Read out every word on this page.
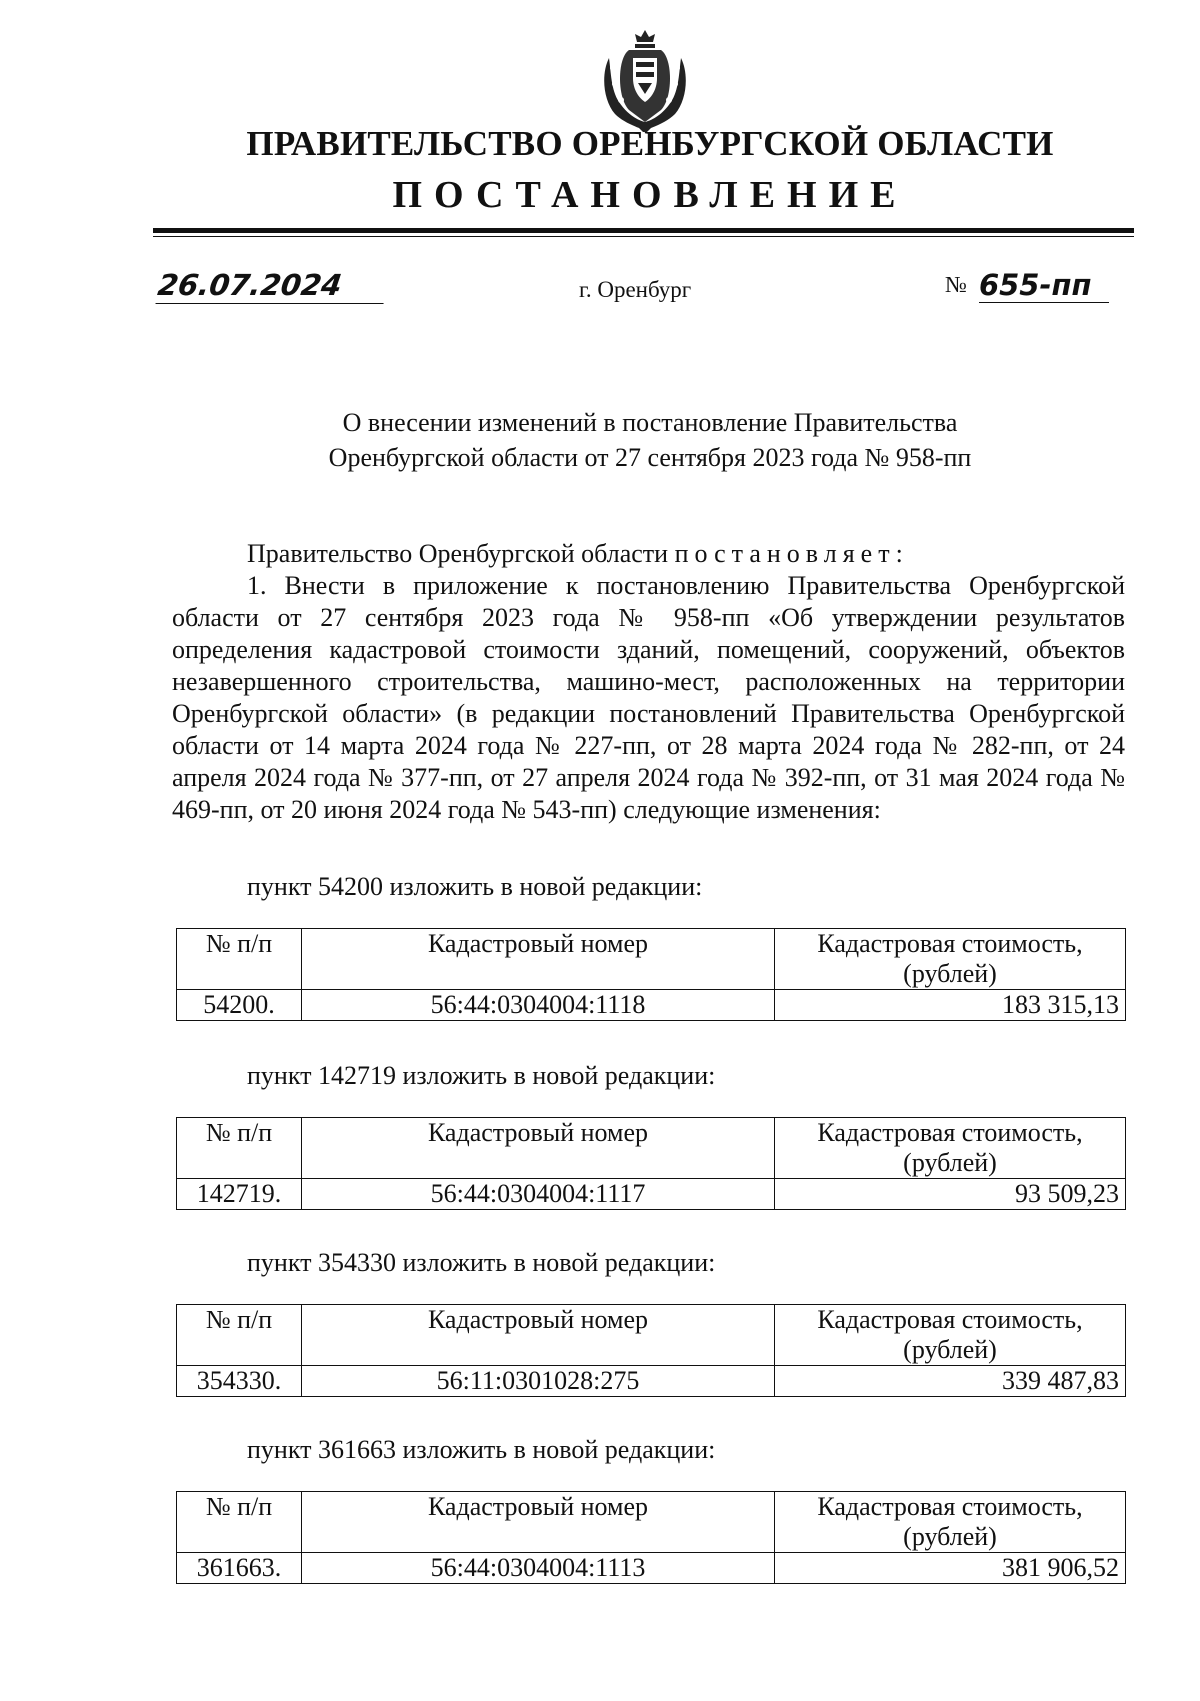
ПРАВИТЕЛЬСТВО ОРЕНБУРГСКОЙ ОБЛАСТИ
ПОСТАНОВЛЕНИЕ
26.07.2024	г. Оренбург	№ 655-пп
О внесении изменений в постановление Правительства
Оренбургской области от 27 сентября 2023 года № 958-пп
Правительство Оренбургской области постановляет:
1. Внести в приложение к постановлению Правительства Оренбургской области от 27 сентября 2023 года № 958-пп «Об утверждении результатов определения кадастровой стоимости зданий, помещений, сооружений, объектов незавершенного строительства, машино-мест, расположенных на территории Оренбургской области» (в редакции постановлений Правительства Оренбургской области от 14 марта 2024 года № 227-пп, от 28 марта 2024 года № 282-пп, от 24 апреля 2024 года № 377-пп, от 27 апреля 2024 года № 392-пп, от 31 мая 2024 года № 469-пп, от 20 июня 2024 года № 543-пп) следующие изменения:
пункт 54200 изложить в новой редакции:
№ п/п	Кадастровый номер	Кадастровая стоимость,
(рублей)

54200.	56:44:0304004:1118	183 315,13
пункт 142719 изложить в новой редакции:
№ п/п	Кадастровый номер	Кадастровая стоимость,
(рублей)

142719.	56:44:0304004:1117	93 509,23
пункт 354330 изложить в новой редакции:
№ п/п	Кадастровый номер	Кадастровая стоимость,
(рублей)

354330.	56:11:0301028:275	339 487,83
пункт 361663 изложить в новой редакции:
№ п/п	Кадастровый номер	Кадастровая стоимость,
(рублей)

361663.	56:44:0304004:1113	381 906,52
